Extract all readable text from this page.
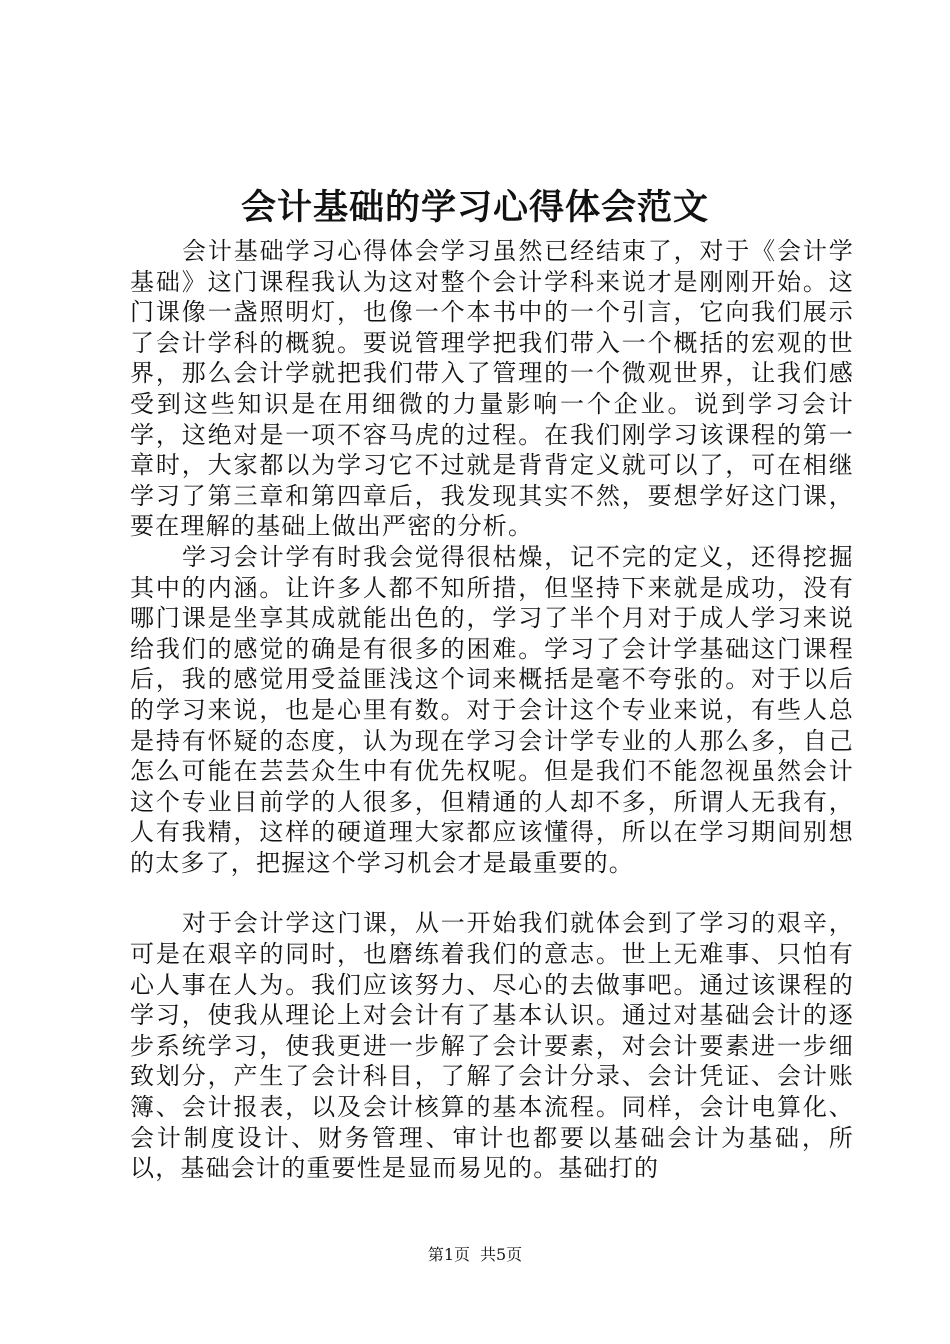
会计基础的学习心得体会范文

会计基础学习心得体会学习虽然已经结束了，对于《会计学基础》这门课程我认为这对整个会计学科来说才是刚刚开始。这门课像一盏照明灯，也像一个本书中的一个引言，它向我们展示了会计学科的概貌。要说管理学把我们带入一个概括的宏观的世界，那么会计学就把我们带入了管理的一个微观世界，让我们感受到这些知识是在用细微的力量影响一个企业。说到学习会计学，这绝对是一项不容马虎的过程。在我们刚学习该课程的第一章时，大家都以为学习它不过就是背背定义就可以了，可在相继学习了第三章和第四章后，我发现其实不然，要想学好这门课，要在理解的基础上做出严密的分析。

学习会计学有时我会觉得很枯燥，记不完的定义，还得挖掘其中的内涵。让许多人都不知所措，但坚持下来就是成功，没有哪门课是坐享其成就能出色的，学习了半个月对于成人学习来说给我们的感觉的确是有很多的困难。学习了会计学基础这门课程后，我的感觉用受益匪浅这个词来概括是毫不夸张的。对于以后的学习来说，也是心里有数。对于会计这个专业来说，有些人总是持有怀疑的态度，认为现在学习会计学专业的人那么多，自己怎么可能在芸芸众生中有优先权呢。但是我们不能忽视虽然会计这个专业目前学的人很多，但精通的人却不多，所谓人无我有，人有我精，这样的硬道理大家都应该懂得，所以在学习期间别想的太多了，把握这个学习机会才是最重要的。

对于会计学这门课，从一开始我们就体会到了学习的艰辛，可是在艰辛的同时，也磨练着我们的意志。世上无难事、只怕有心人事在人为。我们应该努力、尽心的去做事吧。通过该课程的学习，使我从理论上对会计有了基本认识。通过对基础会计的逐步系统学习，使我更进一步解了会计要素，对会计要素进一步细致划分，产生了会计科目，了解了会计分录、会计凭证、会计账簿、会计报表，以及会计核算的基本流程。同样，会计电算化、会计制度设计、财务管理、审计也都要以基础会计为基础，所以，基础会计的重要性是显而易见的。基础打的

第1页 共5页
